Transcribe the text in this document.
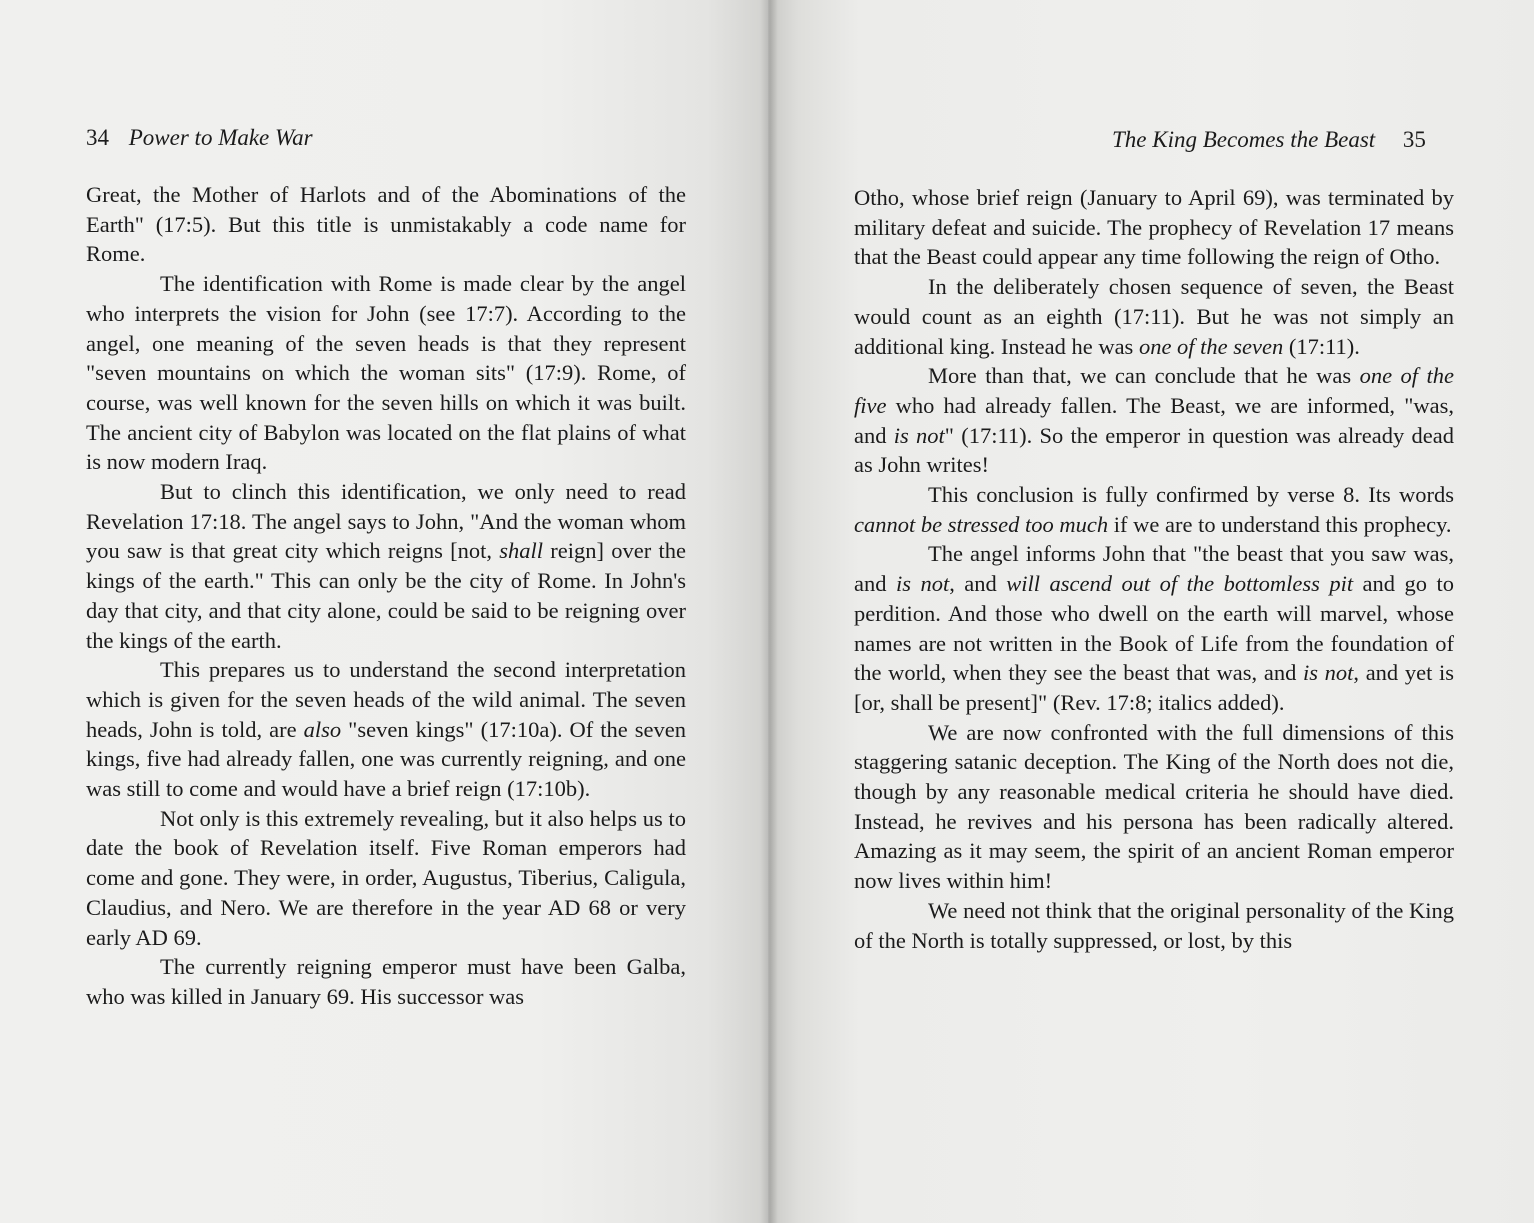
34 Power to Make War

Great, the Mother of Harlots and of the Abominations of the Earth" (17:5). But this title is unmistakably a code name for Rome.

The identification with Rome is made clear by the angel who interprets the vision for John (see 17:7). According to the angel, one meaning of the seven heads is that they represent "seven mountains on which the woman sits" (17:9). Rome, of course, was well known for the seven hills on which it was built. The ancient city of Babylon was located on the flat plains of what is now modern Iraq.

But to clinch this identification, we only need to read Revelation 17:18. The angel says to John, "And the woman whom you saw is that great city which reigns [not, shall reign] over the kings of the earth." This can only be the city of Rome. In John's day that city, and that city alone, could be said to be reigning over the kings of the earth.

This prepares us to understand the second interpretation which is given for the seven heads of the wild animal. The seven heads, John is told, are also "seven kings" (17:10a). Of the seven kings, five had already fallen, one was currently reigning, and one was still to come and would have a brief reign (17:10b).

Not only is this extremely revealing, but it also helps us to date the book of Revelation itself. Five Roman emperors had come and gone. They were, in order, Augustus, Tiberius, Caligula, Claudius, and Nero. We are therefore in the year AD 68 or very early AD 69.

The currently reigning emperor must have been Galba, who was killed in January 69. His successor was

The King Becomes the Beast 35

Otho, whose brief reign (January to April 69), was terminated by military defeat and suicide. The prophecy of Revelation 17 means that the Beast could appear any time following the reign of Otho.

In the deliberately chosen sequence of seven, the Beast would count as an eighth (17:11). But he was not simply an additional king. Instead he was one of the seven (17:11).

More than that, we can conclude that he was one of the five who had already fallen. The Beast, we are informed, "was, and is not" (17:11). So the emperor in question was already dead as John writes!

This conclusion is fully confirmed by verse 8. Its words cannot be stressed too much if we are to understand this prophecy.

The angel informs John that "the beast that you saw was, and is not, and will ascend out of the bottomless pit and go to perdition. And those who dwell on the earth will marvel, whose names are not written in the Book of Life from the foundation of the world, when they see the beast that was, and is not, and yet is [or, shall be present]" (Rev. 17:8; italics added).

We are now confronted with the full dimensions of this staggering satanic deception. The King of the North does not die, though by any reasonable medical criteria he should have died. Instead, he revives and his persona has been radically altered. Amazing as it may seem, the spirit of an ancient Roman emperor now lives within him!

We need not think that the original personality of the King of the North is totally suppressed, or lost, by this
